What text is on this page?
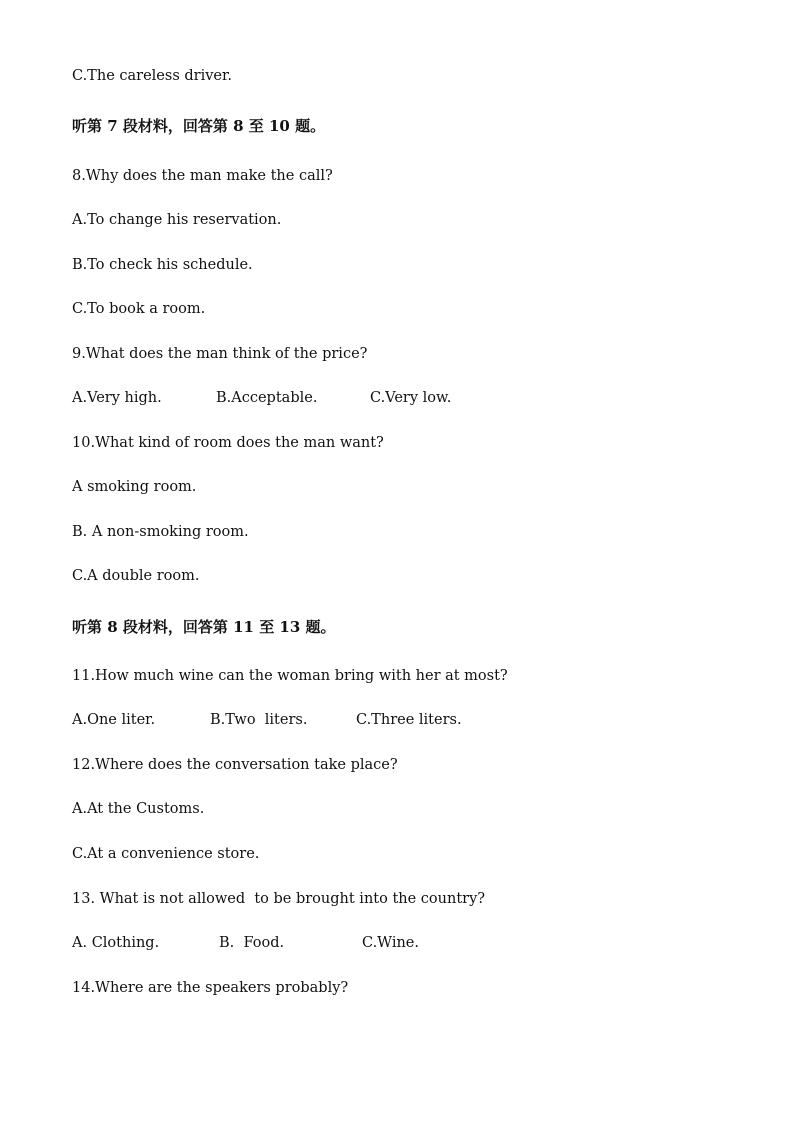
C.The careless driver.
听第 7 段材料，回答第 8 至 10 题。
8.Why does the man make the call?
A.To change his reservation.
B.To check his schedule.
C.To book a room.
9.What does the man think of the price?
A.Very high.	B.Acceptable.	C.Very low.
10.What kind of room does the man want?
A smoking room.
B. A non-smoking room.
C.A double room.
听第 8 段材料，回答第 11 至 13 题。
11.How much wine can the woman bring with her at most?
A.One liter.	B.Two  liters.	C.Three liters.
12.Where does the conversation take place?
A.At the Customs.
C.At a convenience store.
13. What is not allowed  to be brought into the country?
A. Clothing.	B.  Food.	C.Wine.
14.Where are the speakers probably?
